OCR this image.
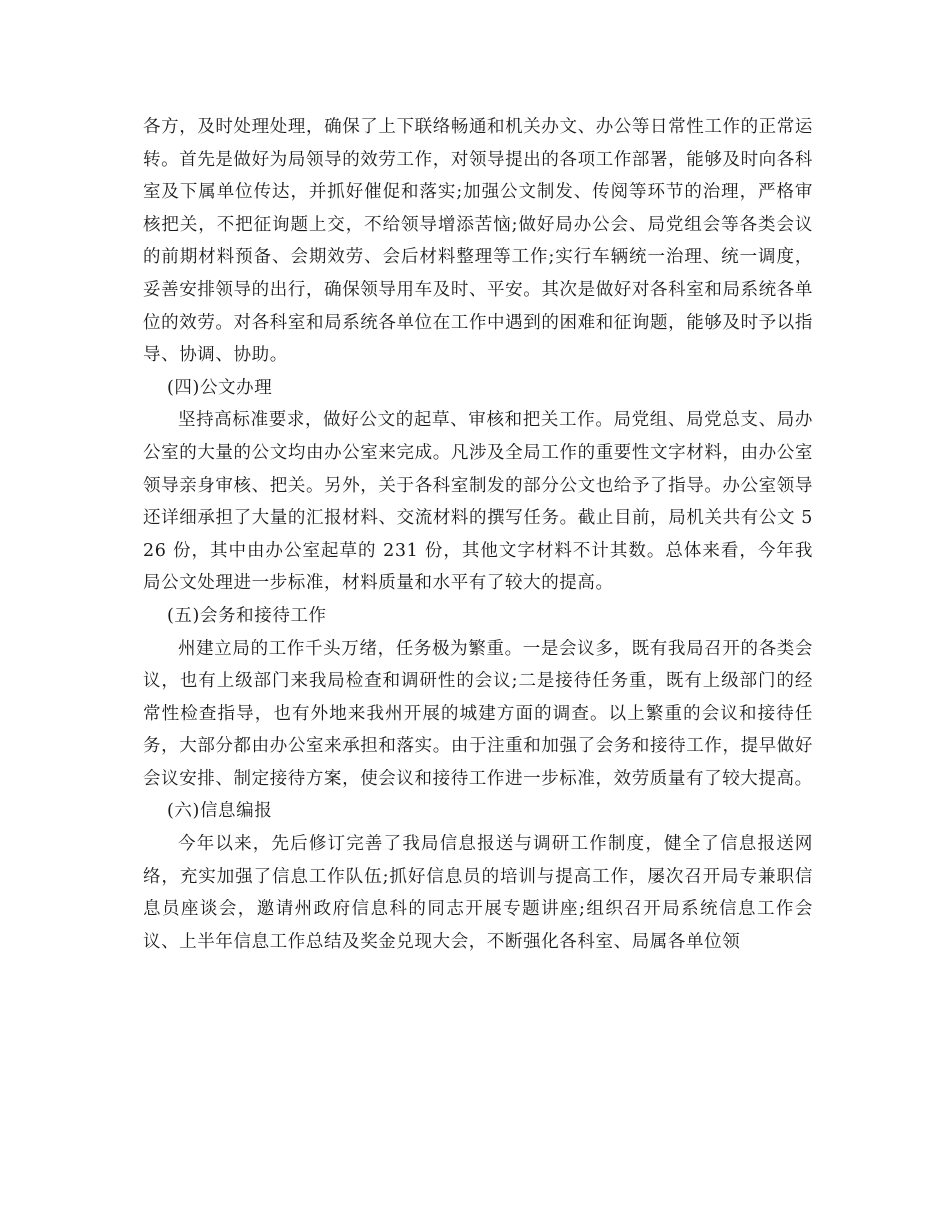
各方，及时处理处理，确保了上下联络畅通和机关办文、办公等日常性工作的正常运转。首先是做好为局领导的效劳工作，对领导提出的各项工作部署，能够及时向各科室及下属单位传达，并抓好催促和落实;加强公文制发、传阅等环节的治理，严格审核把关，不把征询题上交，不给领导增添苦恼;做好局办公会、局党组会等各类会议的前期材料预备、会期效劳、会后材料整理等工作;实行车辆统一治理、统一调度，妥善安排领导的出行，确保领导用车及时、平安。其次是做好对各科室和局系统各单位的效劳。对各科室和局系统各单位在工作中遇到的困难和征询题，能够及时予以指导、协调、协助。

(四)公文办理

坚持高标准要求，做好公文的起草、审核和把关工作。局党组、局党总支、局办公室的大量的公文均由办公室来完成。凡涉及全局工作的重要性文字材料，由办公室领导亲身审核、把关。另外，关于各科室制发的部分公文也给予了指导。办公室领导还详细承担了大量的汇报材料、交流材料的撰写任务。截止目前，局机关共有公文 526 份，其中由办公室起草的 231 份，其他文字材料不计其数。总体来看，今年我局公文处理进一步标准，材料质量和水平有了较大的提高。

(五)会务和接待工作

州建立局的工作千头万绪，任务极为繁重。一是会议多，既有我局召开的各类会议，也有上级部门来我局检查和调研性的会议;二是接待任务重，既有上级部门的经常性检查指导，也有外地来我州开展的城建方面的调查。以上繁重的会议和接待任务，大部分都由办公室来承担和落实。由于注重和加强了会务和接待工作，提早做好会议安排、制定接待方案，使会议和接待工作进一步标准，效劳质量有了较大提高。

(六)信息编报

今年以来，先后修订完善了我局信息报送与调研工作制度，健全了信息报送网络，充实加强了信息工作队伍;抓好信息员的培训与提高工作，屡次召开局专兼职信息员座谈会，邀请州政府信息科的同志开展专题讲座;组织召开局系统信息工作会议、上半年信息工作总结及奖金兑现大会，不断强化各科室、局属各单位领
